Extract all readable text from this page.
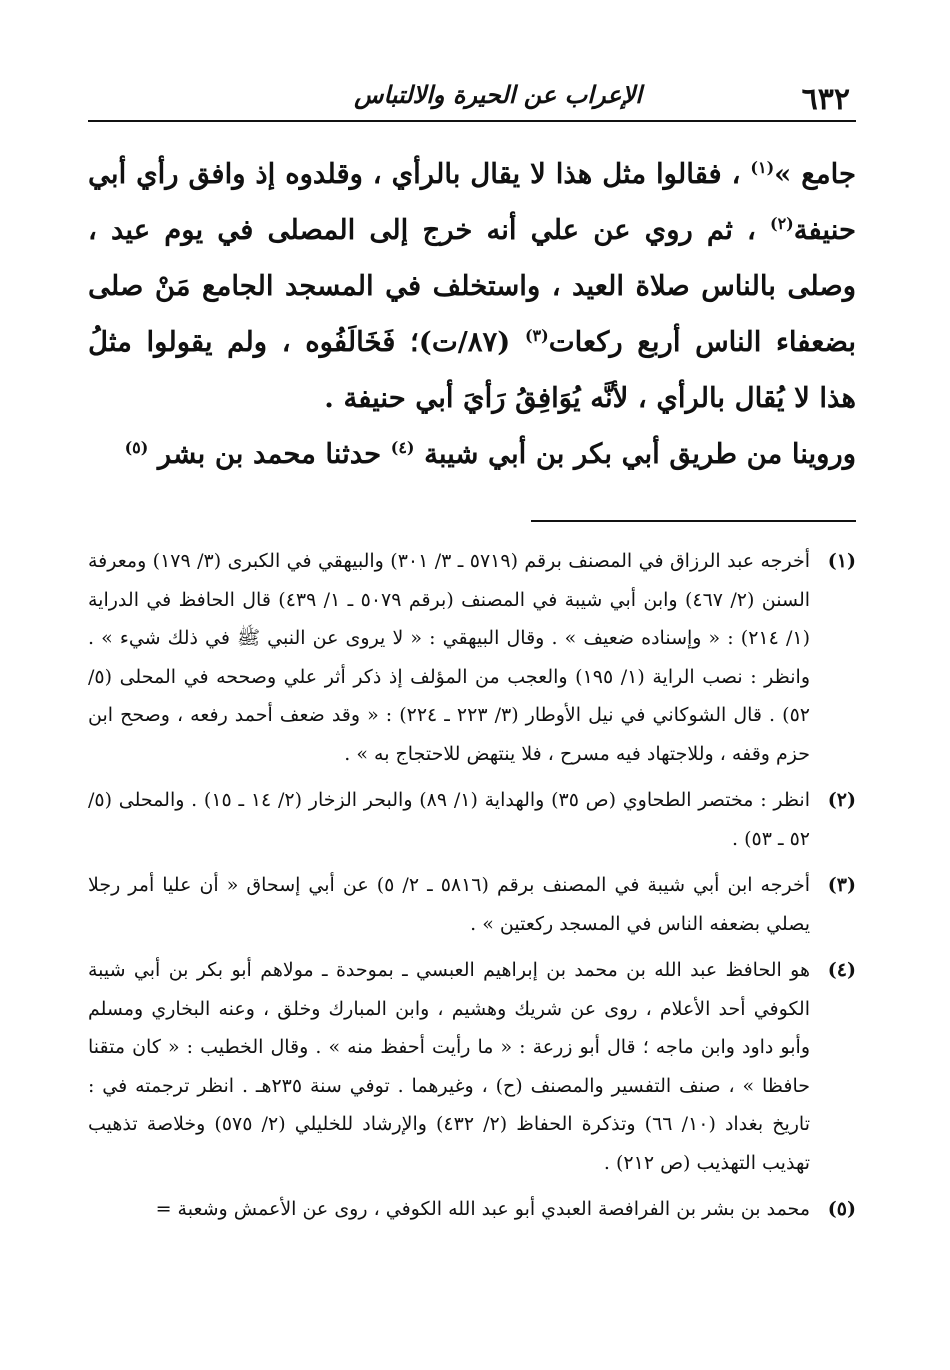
٦٣٢
الإعراب عن الحيرة والالتباس

جامع »$^{(١)}$ ، فقالوا مثل هذا لا يقال بالرأي ، وقلدوه إذ وافق رأي أبي حنيفة$^{(٢)}$ ، ثم روي عن علي أنه خرج إلى المصلى في يوم عيد ، وصلى بالناس صلاة العيد ، واستخلف في المسجد الجامع مَنْ صلى بضعفاء الناس أربع ركعات$^{(٣)}$ (٨٧/ت)؛ فَخَالَفُوه ، ولم يقولوا مثلُ هذا لا يُقال بالرأي ، لأنَّه يُوَافِقُ رَأيَ أبي حنيفة .

وروينا من طريق أبي بكر بن أبي شيبة $^{(٤)}$ حدثنا محمد بن بشر $^{(٥)}$

(١)
أخرجه عبد الرزاق في المصنف برقم (٥٧١٩ ـ ٣/ ٣٠١) والبيهقي في الكبرى (٣/ ١٧٩) ومعرفة السنن (٢/ ٤٦٧) وابن أبي شيبة في المصنف (برقم ٥٠٧٩ ـ ١/ ٤٣٩) قال الحافظ في الدراية (١/ ٢١٤) : « وإسناده ضعيف » . وقال البيهقي : « لا يروى عن النبي ﷺ في ذلك شيء » . وانظر : نصب الراية (١/ ١٩٥) والعجب من المؤلف إذ ذكر أثر علي وصححه في المحلى (٥/ ٥٢) . قال الشوكاني في نيل الأوطار (٣/ ٢٢٣ ـ ٢٢٤) : « وقد ضعف أحمد رفعه ، وصحح ابن حزم وقفه ، وللاجتهاد فيه مسرح ، فلا ينتهض للاحتجاج به » .
(٢)
انظر : مختصر الطحاوي (ص ٣٥) والهداية (١/ ٨٩) والبحر الزخار (٢/ ١٤ ـ ١٥) . والمحلى (٥/ ٥٢ ـ ٥٣) .
(٣)
أخرجه ابن أبي شيبة في المصنف برقم (٥٨١٦ ـ ٢/ ٥) عن أبي إسحاق « أن عليا أمر رجلا يصلي بضعفه الناس في المسجد ركعتين » .
(٤)
هو الحافظ عبد الله بن محمد بن إبراهيم العبسي ـ بموحدة ـ مولاهم أبو بكر بن أبي شيبة الكوفي أحد الأعلام ، روى عن شريك وهشيم ، وابن المبارك وخلق ، وعنه البخاري ومسلم وأبو داود وابن ماجه ؛ قال أبو زرعة : « ما رأيت أحفظ منه » . وقال الخطيب : « كان متقنا حافظا » ، صنف التفسير والمصنف (ح) ، وغيرهما . توفي سنة ٢٣٥هـ . انظر ترجمته في : تاريخ بغداد (١٠/ ٦٦) وتذكرة الحفاظ (٢/ ٤٣٢) والإرشاد للخليلي (٢/ ٥٧٥) وخلاصة تذهيب تهذيب التهذيب (ص ٢١٢) .
(٥)
محمد بن بشر بن الفرافصة العبدي أبو عبد الله الكوفي ، روى عن الأعمش وشعبة =
